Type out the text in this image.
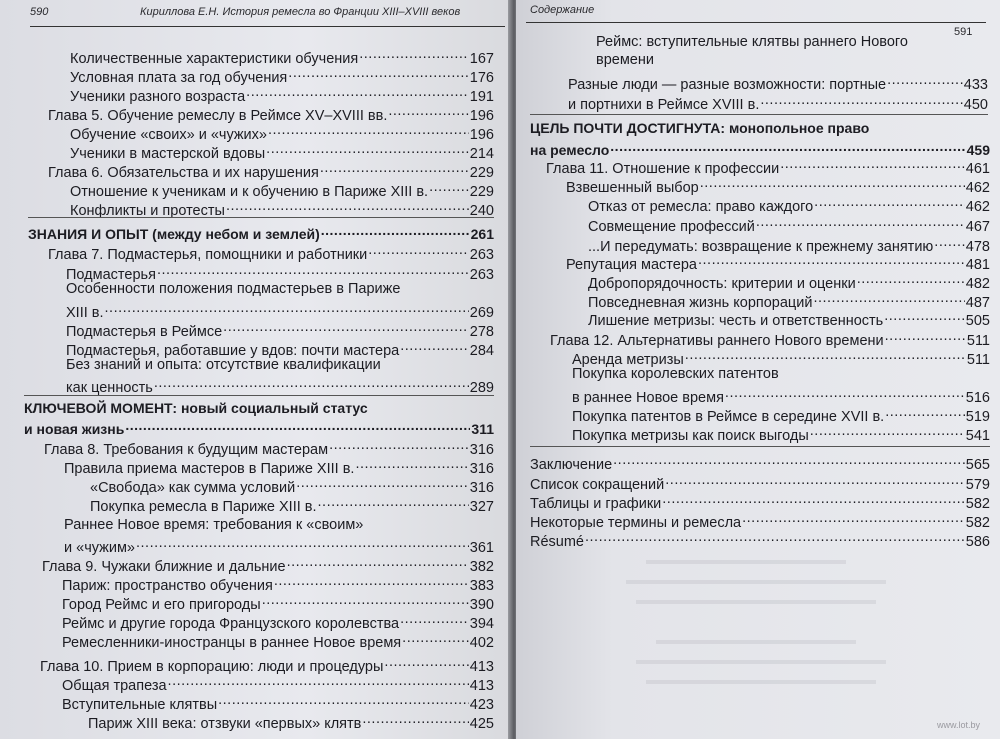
590	Кириллова Е.Н. История ремесла во Франции XIII–XVIII веков
Количественные характеристики обучения .....	167
Условная плата за год обучения .....	176
Ученики разного возраста .....	191
Глава 5. Обучение ремеслу в Реймсе XV–XVIII вв. .....	196
Обучение «своих» и «чужих» .....	196
Ученики в мастерской вдовы .....	214
Глава 6. Обязательства и их нарушения .....	229
Отношение к ученикам и к обучению в Париже XIII в. .....	229
Конфликты и протесты .....	240
ЗНАНИЯ И ОПЫТ (между небом и землей) .....	261
Глава 7. Подмастерья, помощники и работники .....	263
Подмастерья .....	263
Особенности положения подмастерьев в Париже
XIII в. .....	269
Подмастерья в Реймсе .....	278
Подмастерья, работавшие у вдов: почти мастера .....	284
Без знаний и опыта: отсутствие квалификации
как ценность .....	289
КЛЮЧЕВОЙ МОМЕНТ: новый социальный статус
и новая жизнь .....	311
Глава 8. Требования к будущим мастерам .....	316
Правила приема мастеров в Париже XIII в. .....	316
«Свобода» как сумма условий .....	316
Покупка ремесла в Париже XIII в. .....	327
Раннее Новое время: требования к «своим»
и «чужим» .....	361
Глава 9. Чужаки ближние и дальние .....	382
Париж: пространство обучения .....	383
Город Реймс и его пригороды .....	390
Реймс и другие города Французского королевства .....	394
Ремесленники-иностранцы в раннее Новое время .....	402
Глава 10. Прием в корпорацию: люди и процедуры .....	413
Общая трапеза .....	413
Вступительные клятвы .....	423
Париж XIII века: отзвуки «первых» клятв .....	425
Содержание
591
Реймс: вступительные клятвы раннего Нового
времени
Разные люди — разные возможности: портные .....	433
и портнихи в Реймсе XVIII в. .....	450
ЦЕЛЬ ПОЧТИ ДОСТИГНУТА: монопольное право
на ремесло .....	459
Глава 11. Отношение к профессии .....	461
Взвешенный выбор .....	462
Отказ от ремесла: право каждого .....	462
Совмещение профессий .....	467
...И передумать: возвращение к прежнему занятию ..... 478
Репутация мастера .....	481
Добропорядочность: критерии и оценки .....	482
Повседневная жизнь корпораций .....	487
Лишение метризы: честь и ответственность .....	505
Глава 12. Альтернативы раннего Нового времени .....	511
Аренда метризы .....	511
Покупка королевских патентов
в раннее Новое время .....	516
Покупка патентов в Реймсе в середине XVII в. .....	519
Покупка метризы как поиск выгоды .....	541
Заключение .....	565
Список сокращений .....	579
Таблицы и графики .....	582
Некоторые термины и ремесла .....	582
Résumé .....	586
www.lot.by
